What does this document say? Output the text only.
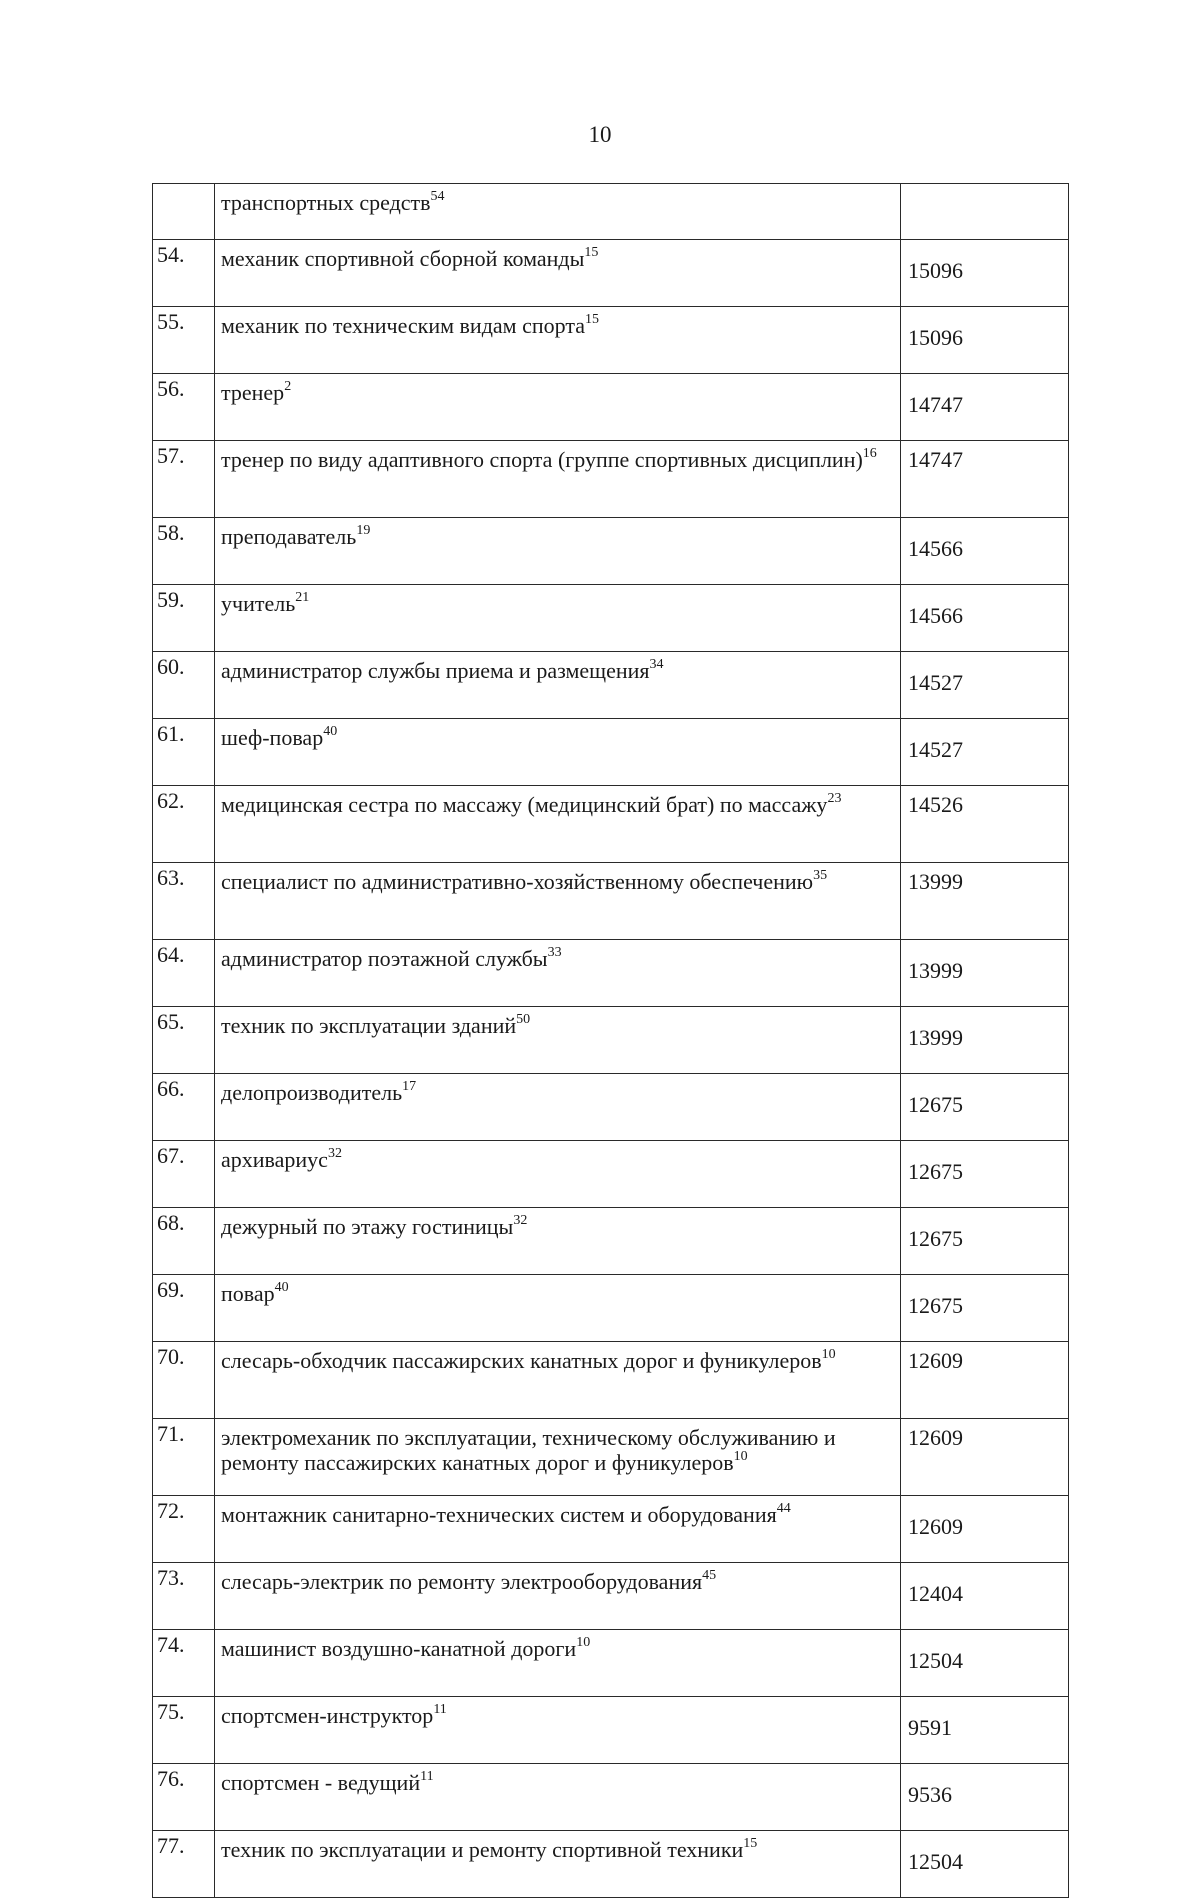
10
	транспортных средств$^{54}$	
54.	механик спортивной сборной команды$^{15}$	15096
55.	механик по техническим видам спорта$^{15}$	15096
56.	тренер$^2$	14747
57.	тренер по виду адаптивного спорта (группе спортивных дисциплин)$^{16}$	14747
58.	преподаватель$^{19}$	14566
59.	учитель$^{21}$	14566
60.	администратор службы приема и размещения$^{34}$	14527
61.	шеф-повар$^{40}$	14527
62.	медицинская сестра по массажу (медицинский брат) по массажу$^{23}$	14526
63.	специалист по административно-хозяйственному обеспечению$^{35}$	13999
64.	администратор поэтажной службы$^{33}$	13999
65.	техник по эксплуатации зданий$^{50}$	13999
66.	делопроизводитель$^{17}$	12675
67.	архивариус$^{32}$	12675
68.	дежурный по этажу гостиницы$^{32}$	12675
69.	повар$^{40}$	12675
70.	слесарь-обходчик пассажирских канатных дорог и фуникулеров$^{10}$	12609
71.	электромеханик по эксплуатации, техническому обслуживанию и ремонту пассажирских канатных дорог и фуникулеров$^{10}$	12609
72.	монтажник санитарно-технических систем и оборудования$^{44}$	12609
73.	слесарь-электрик по ремонту электрооборудования$^{45}$	12404
74.	машинист воздушно-канатной дороги$^{10}$	12504
75.	спортсмен-инструктор$^{11}$	9591
76.	спортсмен - ведущий$^{11}$	9536
77.	техник по эксплуатации и ремонту спортивной техники$^{15}$	12504
